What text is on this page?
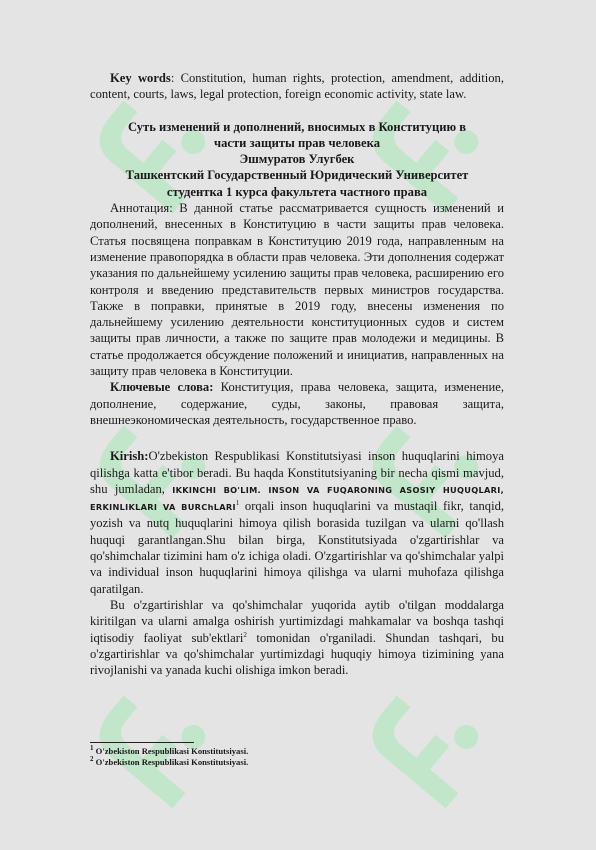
Key words: Constitution, human rights, protection, amendment, addition, content, courts, laws, legal protection, foreign economic activity, state law.

Суть изменений и дополнений, вносимых в Конституцию в

части защиты прав человека

Эшмуратов Улугбек

Ташкентский Государственный Юридический Университет

студентка 1 курса факультета частного права

Аннотация: В данной статье рассматривается сущность изменений и дополнений, внесенных в Конституцию в части защиты прав человека. Статья посвящена поправкам в Конституцию 2019 года, направленным на изменение правопорядка в области прав человека. Эти дополнения содержат указания по дальнейшему усилению защиты прав человека, расширению его контроля и введению представительств первых министров государства. Также в поправки, принятые в 2019 году, внесены изменения по дальнейшему усилению деятельности конституционных судов и систем защиты прав личности, а также по защите прав молодежи и медицины. В статье продолжается обсуждение положений и инициатив, направленных на защиту прав человека в Конституции.

Ключевые слова: Конституция, права человека, защита, изменение, дополнение, содержание, суды, законы, правовая защита, внешнеэкономическая деятельность, государственное право.

Kirish:O'zbekiston Respublikasi Konstitutsiyasi inson huquqlarini himoya qilishga katta e'tibor beradi. Bu haqda Konstitutsiyaning bir necha qismi mavjud, shu jumladan, IKKINCHI BO'LIM. INSON VA FUQARONING ASOSIY HUQUQLARI, ERKINLIKLARI VA BURChLARI$^1$ orqali inson huquqlarini va mustaqil fikr, tanqid, yozish va nutq huquqlarini himoya qilish borasida tuzilgan va ularni qo'llash huquqi garantlangan.Shu bilan birga, Konstitutsiyada o'zgartirishlar va qo'shimchalar tizimini ham o'z ichiga oladi. O'zgartirishlar va qo'shimchalar yalpi va individual inson huquqlarini himoya qilishga va ularni muhofaza qilishga qaratilgan.

Bu o'zgartirishlar va qo'shimchalar yuqorida aytib o'tilgan moddalarga kiritilgan va ularni amalga oshirish yurtimizdagi mahkamalar va boshqa tashqi iqtisodiy faoliyat sub'ektlari$^2$ tomonidan o'rganiladi. Shundan tashqari, bu o'zgartirishlar va qo'shimchalar yurtimizdagi huquqiy himoya tizimining yana rivojlanishi va yanada kuchi olishiga imkon beradi.

$^1$ O'zbekiston Respublikasi Konstitutsiyasi.
$^2$ O'zbekiston Respublikasi Konstitutsiyasi.
